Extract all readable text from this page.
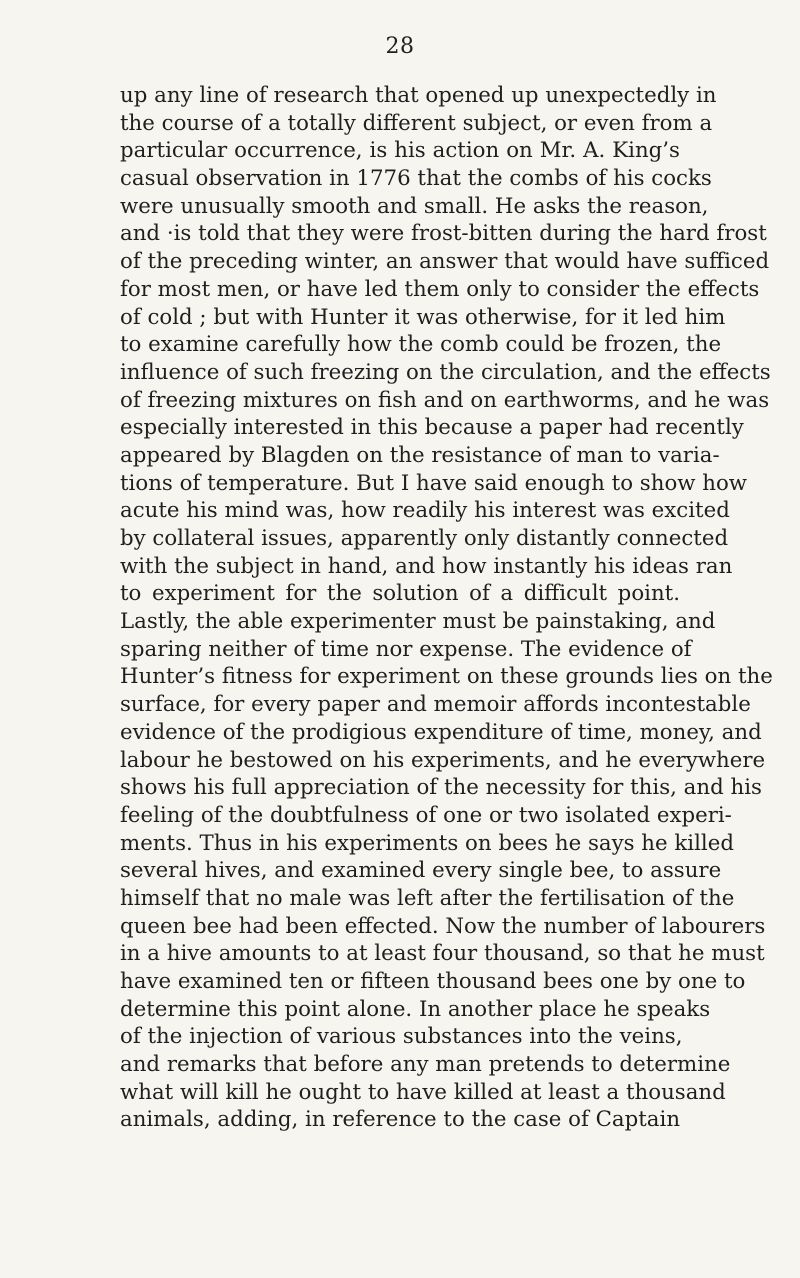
28
up any line of research that opened up unexpectedly in
the course of a totally different subject, or even from a
particular occurrence, is his action on Mr. A. King’s
casual observation in 1776 that the combs of his cocks
were unusually smooth and small. He asks the reason,
and ·is told that they were frost-bitten during the hard frost
of the preceding winter, an answer that would have sufficed
for most men, or have led them only to consider the effects
of cold ; but with Hunter it was otherwise, for it led him
to examine carefully how the comb could be frozen, the
influence of such freezing on the circulation, and the effects
of freezing mixtures on fish and on earthworms, and he was
especially interested in this because a paper had recently
appeared by Blagden on the resistance of man to varia-
tions of temperature. But I have said enough to show how
acute his mind was, how readily his interest was excited
by collateral issues, apparently only distantly connected
with the subject in hand, and how instantly his ideas ran
to experiment for the solution of a difficult point.
Lastly, the able experimenter must be painstaking, and
sparing neither of time nor expense. The evidence of
Hunter’s fitness for experiment on these grounds lies on the
surface, for every paper and memoir affords incontestable
evidence of the prodigious expenditure of time, money, and
labour he bestowed on his experiments, and he everywhere
shows his full appreciation of the necessity for this, and his
feeling of the doubtfulness of one or two isolated experi-
ments. Thus in his experiments on bees he says he killed
several hives, and examined every single bee, to assure
himself that no male was left after the fertilisation of the
queen bee had been effected. Now the number of labourers
in a hive amounts to at least four thousand, so that he must
have examined ten or fifteen thousand bees one by one to
determine this point alone. In another place he speaks
of the injection of various substances into the veins,
and remarks that before any man pretends to determine
what will kill he ought to have killed at least a thousand
animals, adding, in reference to the case of Captain
